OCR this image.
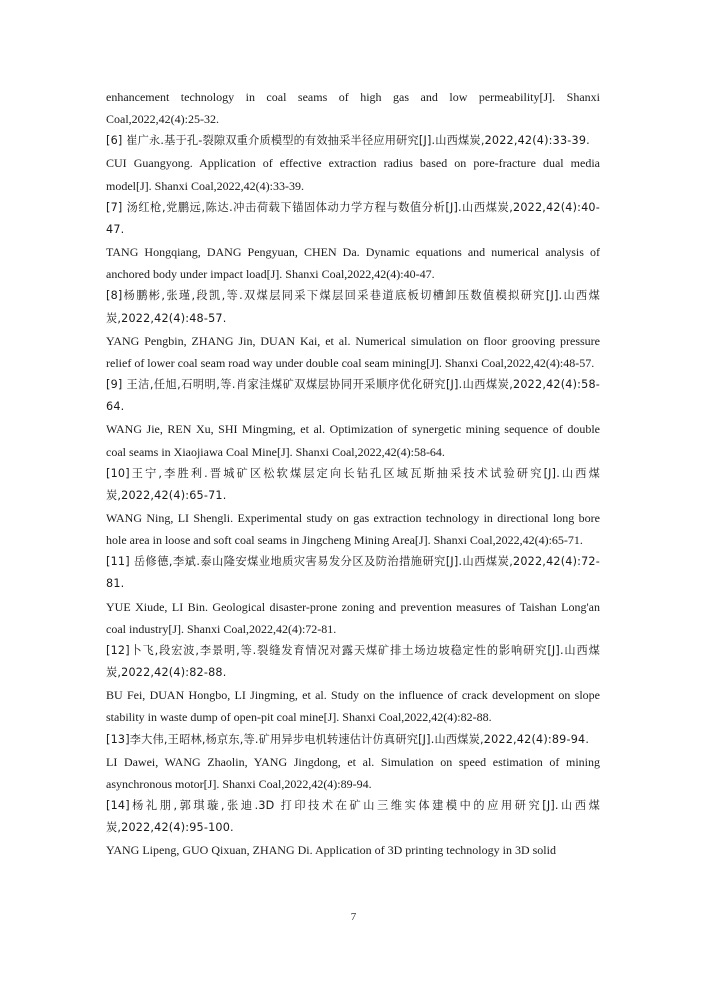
enhancement technology in coal seams of high gas and low permeability[J]. Shanxi Coal,2022,42(4):25-32.

[6] 崔广永.基于孔-裂隙双重介质模型的有效抽采半径应用研究[J].山西煤炭,2022,42(4):33-39.

CUI Guangyong. Application of effective extraction radius based on pore-fracture dual media model[J]. Shanxi Coal,2022,42(4):33-39.

[7] 汤红枪,党鹏远,陈达.冲击荷载下锚固体动力学方程与数值分析[J].山西煤炭,2022,42(4):40-47.

TANG Hongqiang, DANG Pengyuan, CHEN Da. Dynamic equations and numerical analysis of anchored body under impact load[J]. Shanxi Coal,2022,42(4):40-47.

[8]杨鹏彬,张瑾,段凯,等.双煤层同采下煤层回采巷道底板切槽卸压数值模拟研究[J].山西煤炭,2022,42(4):48-57.

YANG Pengbin, ZHANG Jin, DUAN Kai, et al. Numerical simulation on floor grooving pressure relief of lower coal seam road way under double coal seam mining[J]. Shanxi Coal,2022,42(4):48-57.

[9] 王洁,任旭,石明明,等.肖家洼煤矿双煤层协同开采顺序优化研究[J].山西煤炭,2022,42(4):58-64.

WANG Jie, REN Xu, SHI Mingming, et al. Optimization of synergetic mining sequence of double coal seams in Xiaojiawa Coal Mine[J]. Shanxi Coal,2022,42(4):58-64.

[10]王宁,李胜利.晋城矿区松软煤层定向长钻孔区域瓦斯抽采技术试验研究[J].山西煤炭,2022,42(4):65-71.

WANG Ning, LI Shengli. Experimental study on gas extraction technology in directional long bore hole area in loose and soft coal seams in Jingcheng Mining Area[J]. Shanxi Coal,2022,42(4):65-71.

[11] 岳修德,李斌.泰山隆安煤业地质灾害易发分区及防治措施研究[J].山西煤炭,2022,42(4):72-81.

YUE Xiude, LI Bin. Geological disaster-prone zoning and prevention measures of Taishan Long'an coal industry[J]. Shanxi Coal,2022,42(4):72-81.

[12]卜飞,段宏波,李景明,等.裂缝发育情况对露天煤矿排土场边坡稳定性的影响研究[J].山西煤炭,2022,42(4):82-88.

BU Fei, DUAN Hongbo, LI Jingming, et al. Study on the influence of crack development on slope stability in waste dump of open-pit coal mine[J]. Shanxi Coal,2022,42(4):82-88.

[13]李大伟,王昭林,杨京东,等.矿用异步电机转速估计仿真研究[J].山西煤炭,2022,42(4):89-94.

LI Dawei, WANG Zhaolin, YANG Jingdong, et al. Simulation on speed estimation of mining asynchronous motor[J]. Shanxi Coal,2022,42(4):89-94.

[14]杨礼朋,郭琪璇,张迪.3D 打印技术在矿山三维实体建模中的应用研究[J].山西煤炭,2022,42(4):95-100.

YANG Lipeng, GUO Qixuan, ZHANG Di. Application of 3D printing technology in 3D solid

7
